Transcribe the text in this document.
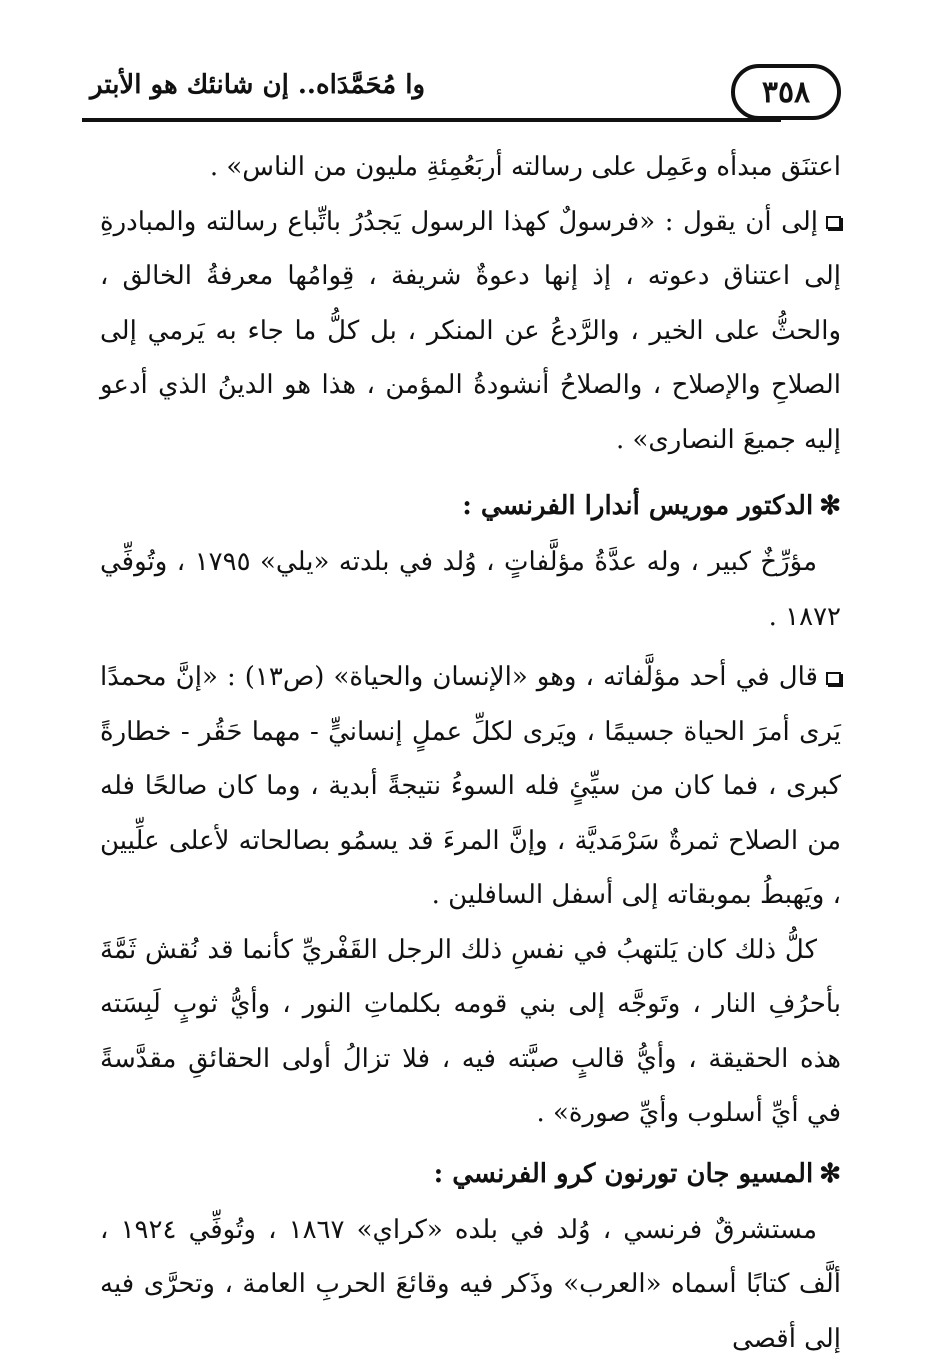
٣٥٨
وا مُحَمَّدَاه.. إن شانئك هو الأبتر

اعتنَق مبدأه وعَمِل على رسالته أربَعُمِئةِ مليون من الناس» .

إلى أن يقول : «فرسولٌ كهذا الرسول يَجدُرُ باتِّباع رسالته والمبادرةِ إلى اعتناق دعوته ، إذ إنها دعوةٌ شريفة ، قِوامُها معرفةُ الخالق ، والحثُّ على الخير ، والرَّدعُ عن المنكر ، بل كلُّ ما جاء به يَرمي إلى الصلاحِ والإصلاح ، والصلاحُ أنشودةُ المؤمن ، هذا هو الدينُ الذي أدعو إليه جميعَ النصارى» .

✻الدكتور موريس أندارا الفرنسي :

مؤرِّخٌ كبير ، وله عدَّةُ مؤلَّفاتٍ ، وُلد في بلدته «يلي» ١٧٩٥ ، وتُوفِّي ١٨٧٢ .

قال في أحد مؤلَّفاته ، وهو «الإنسان والحياة» (ص١٣) : «إنَّ محمدًا يَرى أمرَ الحياة جسيمًا ، ويَرى لكلِّ عملٍ إنسانيٍّ - مهما حَقُر - خطارةً كبرى ، فما كان من سيِّئٍ فله السوءُ نتيجةً أبدية ، وما كان صالحًا فله من الصلاح ثمرةٌ سَرْمَديَّة ، وإنَّ المرءَ قد يسمُو بصالحاته لأعلى علِّيين ، ويَهبطُ بموبقاته إلى أسفل السافلين .

كلُّ ذلك كان يَلتهبُ في نفسِ ذلك الرجل القَفْريِّ كأنما قد نُقش ثَمَّةَ بأحرُفِ النار ، وتَوجَّه إلى بني قومه بكلماتِ النور ، وأيُّ ثوبٍ لَبِسَته هذه الحقيقة ، وأيُّ قالبٍ صبَّته فيه ، فلا تزالُ أولى الحقائقِ مقدَّسةً في أيِّ أسلوب وأيِّ صورة» .

✻المسيو جان تورنون كرو الفرنسي :

مستشرقٌ فرنسي ، وُلد في بلده «كراي» ١٨٦٧ ، وتُوفِّي ١٩٢٤ ، ألَّف كتابًا أسماه «العرب» وذَكر فيه وقائعَ الحربِ العامة ، وتحرَّى فيه إلى أقصى
